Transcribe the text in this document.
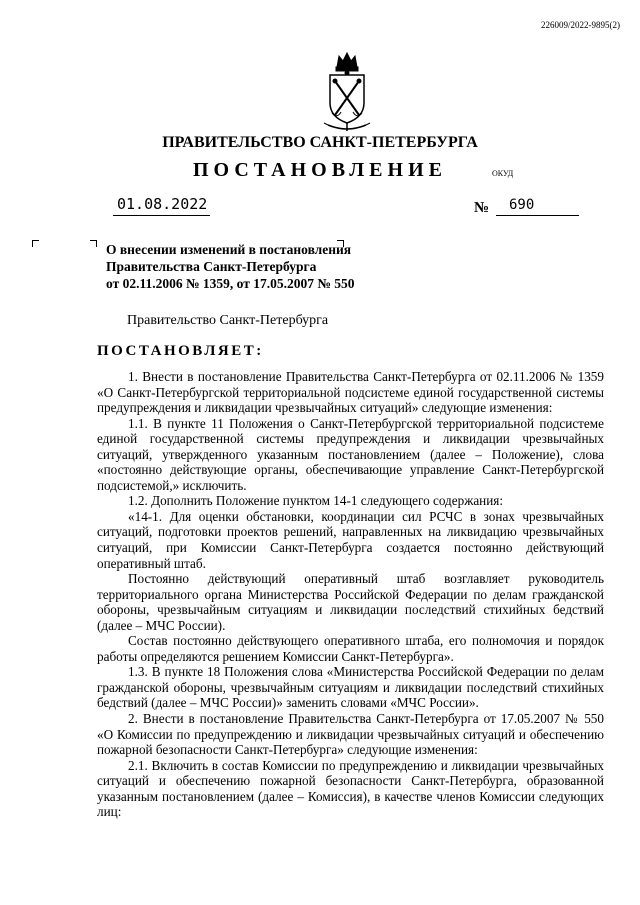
226009/2022-9895(2)
ПРАВИТЕЛЬСТВО САНКТ-ПЕТЕРБУРГА
ПОСТАНОВЛЕНИЕ	ОКУД
01.08.2022	№ 690
О внесении изменений в постановления
Правительства Санкт-Петербурга
от 02.11.2006 № 1359, от 17.05.2007 № 550
Правительство Санкт-Петербурга
ПОСТАНОВЛЯЕТ:

1. Внести в постановление Правительства Санкт-Петербурга от 02.11.2006 № 1359 «О Санкт-Петербургской территориальной подсистеме единой государственной системы предупреждения и ликвидации чрезвычайных ситуаций» следующие изменения:

1.1. В пункте 11 Положения о Санкт-Петербургской территориальной подсистеме единой государственной системы предупреждения и ликвидации чрезвычайных ситуаций, утвержденного указанным постановлением (далее – Положение), слова «постоянно действующие органы, обеспечивающие управление Санкт-Петербургской подсистемой,» исключить.

1.2. Дополнить Положение пунктом 14-1 следующего содержания:

«14-1. Для оценки обстановки, координации сил РСЧС в зонах чрезвычайных ситуаций, подготовки проектов решений, направленных на ликвидацию чрезвычайных ситуаций, при Комиссии Санкт-Петербурга создается постоянно действующий оперативный штаб.

Постоянно действующий оперативный штаб возглавляет руководитель территориального органа Министерства Российской Федерации по делам гражданской обороны, чрезвычайным ситуациям и ликвидации последствий стихийных бедствий (далее – МЧС России).

Состав постоянно действующего оперативного штаба, его полномочия и порядок работы определяются решением Комиссии Санкт-Петербурга».

1.3. В пункте 18 Положения слова «Министерства Российской Федерации по делам гражданской обороны, чрезвычайным ситуациям и ликвидации последствий стихийных бедствий (далее – МЧС России)» заменить словами «МЧС России».

2. Внести в постановление Правительства Санкт-Петербурга от 17.05.2007 № 550 «О Комиссии по предупреждению и ликвидации чрезвычайных ситуаций и обеспечению пожарной безопасности Санкт-Петербурга» следующие изменения:

2.1. Включить в состав Комиссии по предупреждению и ликвидации чрезвычайных ситуаций и обеспечению пожарной безопасности Санкт-Петербурга, образованной указанным постановлением (далее – Комиссия), в качестве членов Комиссии следующих лиц:
